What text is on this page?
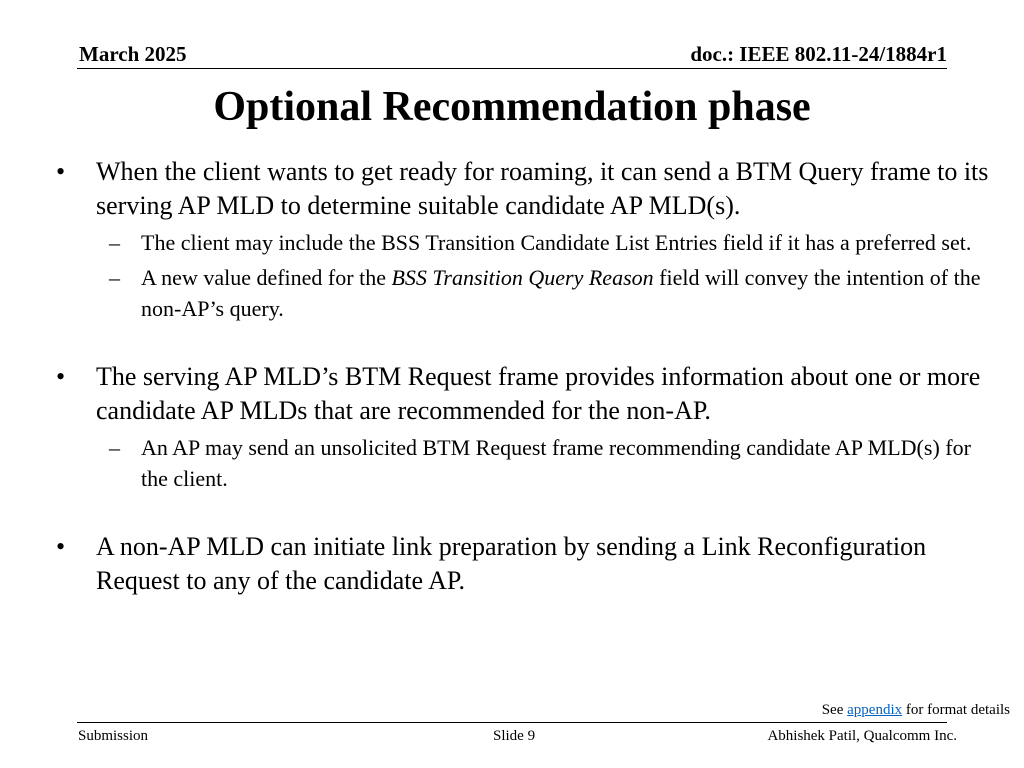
March 2025	doc.: IEEE 802.11-24/1884r1
Optional Recommendation phase
• When the client wants to get ready for roaming, it can send a BTM Query frame to its serving AP MLD to determine suitable candidate AP MLD(s).
– The client may include the BSS Transition Candidate List Entries field if it has a preferred set.
– A new value defined for the BSS Transition Query Reason field will convey the intention of the non-AP’s query.
• The serving AP MLD’s BTM Request frame provides information about one or more candidate AP MLDs that are recommended for the non-AP.
– An AP may send an unsolicited BTM Request frame recommending candidate AP MLD(s) for the client.
• A non-AP MLD can initiate link preparation by sending a Link Reconfiguration Request to any of the candidate AP.
See appendix for format details
Submission	Slide 9	Abhishek Patil, Qualcomm Inc.
